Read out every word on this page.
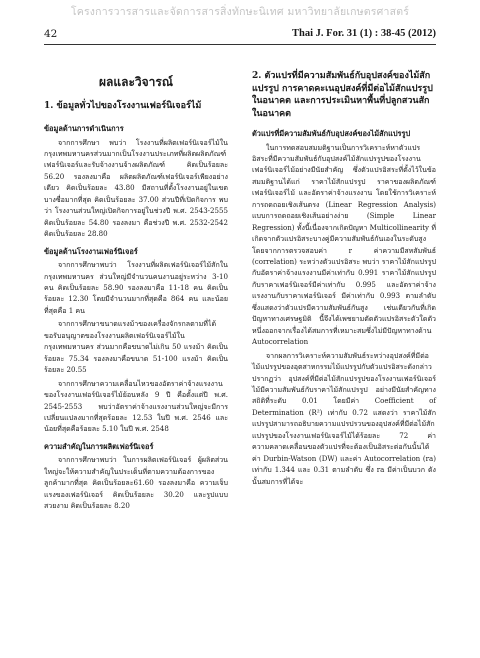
โครงการวารสารและจัดการสารสิ่งทักษะนิเทศ มหาวิทยาลัยเกษตรศาสตร์
42	Thai J. For. 31 (1) : 38-45 (2012)
ผลและวิจารณ์
1. ข้อมูลทั่วไปของโรงงานเฟอร์นิเจอร์ไม้
ข้อมูลด้านการดำเนินการ

จากการศึกษา พบว่า โรงงานที่ผลิตเฟอร์นิเจอร์ไม้ในกรุงเทพมหานครส่วนมากเป็นโรงงานประเภทที่ผลิตผลิตภัณฑ์เฟอร์นิเจอร์และรับจ้างงานจ้างผลิตภัณฑ์ คิดเป็นร้อยละ 56.20 รองลงมาคือ ผลิตผลิตภัณฑ์เฟอร์นิเจอร์เพียงอย่างเดียว คิดเป็นร้อยละ 43.80 มีสถานที่ตั้งโรงงานอยู่ในเขตบางซื่อมากที่สุด คิดเป็นร้อยละ 37.00 ส่วนปีที่เปิดกิจการ พบว่า โรงงานส่วนใหญ่เปิดกิจการอยู่ในช่วงปี พ.ศ. 2543-2555 คิดเป็นร้อยละ 54.80 รองลงมา คือช่วงปี พ.ศ. 2532-2542 คิดเป็นร้อยละ 28.80

ข้อมูลด้านโรงงานเฟอร์นิเจอร์

จากการศึกษาพบว่า โรงงานที่ผลิตเฟอร์นิเจอร์ไม้สักในกรุงเทพมหานคร ส่วนใหญ่มีจำนวนคนงานอยู่ระหว่าง 3-10 คน คิดเป็นร้อยละ 58.90 รองลงมาคือ 11-18 คน คิดเป็นร้อยละ 12.30 โดยมีจำนวนมากที่สุดคือ 864 คน และน้อยที่สุดคือ 1 คน

จากการศึกษาขนาดแรงม้าของเครื่องจักรกลตามที่ได้ขอรับอนุญาตของโรงงานผลิตเฟอร์นิเจอร์ไม้ในกรุงเทพมหานคร ส่วนมากคือขนาดไม่เกิน 50 แรงม้า คิดเป็นร้อยละ 75.34 รองลงมาคือขนาด 51-100 แรงม้า คิดเป็นร้อยละ 20.55

จากการศึกษาความเคลื่อนไหวของอัตราค่าจ้างแรงงานของโรงงานเฟอร์นิเจอร์ไม้ย้อนหลัง 9 ปี คือตั้งแต่ปี พ.ศ. 2545-2553 พบว่าอัตราค่าจ้างแรงงานส่วนใหญ่จะมีการเปลี่ยนแปลงมากที่สุดร้อยละ 12.53 ในปี พ.ศ. 2546 และน้อยที่สุดคือร้อยละ 5.10 ในปี พ.ศ. 2548

ความสำคัญในการผลิตเฟอร์นิเจอร์

จากการศึกษาพบว่า ในการผลิตเฟอร์นิเจอร์ ผู้ผลิตส่วนใหญ่จะให้ความสำคัญในประเด็นที่ตามความต้องการของลูกค้ามากที่สุด คิดเป็นร้อยละ61.60 รองลงมาคือ ความเจ็บแรงของเฟอร์นิเจอร์ คิดเป็นร้อยละ 30.20 และรูปแบบสวยงาม คิดเป็นร้อยละ 8.20

2. ตัวแปรที่มีความสัมพันธ์กับอุปสงค์ของไม้สักแปรรูป การคาดคะเนอุปสงค์ที่มีต่อไม้สักแปรรูปในอนาคต และการประเมินหาพื้นที่ปลูกสวนสักในอนาคต
ตัวแปรที่มีความสัมพันธ์กับอุปสงค์ของไม้สักแปรรูป

ในการทดสอบสมมติฐานเป็นการวิเคราะห์หาตัวแปรอิสระที่มีความสัมพันธ์กับอุปสงค์ไม้สักแปรรูปของโรงงานเฟอร์นิเจอร์ไม้อย่างมีนัยสำคัญ ซึ่งตัวแปรอิสระที่ตั้งไว้ในข้อสมมติฐานได้แก่ ราคาไม้สักแปรรูป ราคาของผลิตภัณฑ์เฟอร์นิเจอร์ไม้ และอัตราค่าจ้างแรงงาน โดยใช้การวิเคราะห์การถดถอยเชิงเส้นตรง (Linear Regression Analysis) แบบการถดถอยเชิงเส้นอย่างง่าย (Simple Linear Regression) ทั้งนี้เนื่องจากเกิดปัญหา Multicollinearity ที่เกิดจากตัวแปรอิสระบางคู่มีความสัมพันธ์กันเองในระดับสูง โดยจากการตรวจสอบค่า r ค่าความมีสหสัมพันธ์ (correlation) ระหว่างตัวแปรอิสระ พบว่า ราคาไม้สักแปรรูปกับอัตราค่าจ้างแรงงานมีค่าเท่ากับ 0.991 ราคาไม้สักแปรรูปกับราคาเฟอร์นิเจอร์มีค่าเท่ากับ 0.995 และอัตราค่าจ้างแรงงานกับราคาเฟอร์นิเจอร์ มีค่าเท่ากับ 0.993 ตามลำดับ ซึ่งแสดงว่าตัวแปรมีความสัมพันธ์กันสูง เช่นเดียวกันที่เกิดปัญหาทางเศรษฐมิติ นี้จึงได้เพชยามตัดตัวแปรอิสระตัวใดตัวหนึ่งออกจากเรื่องได้สมการที่เหมาะสมซึ่งไม่มีปัญหาทางด้าน Autocorrelation

จากผลการวิเคราะห์ความสัมพันธ์ระหว่างอุปสงค์ที่มีต่อไม้แปรรูปของอุตสาหกรรมไม้แปรรูปกับตัวแปรอิสระดังกล่าวปรากฏว่า อุปสงค์ที่มีต่อไม้สักแปรรูปของโรงงานเฟอร์นิเจอร์ไม้มีความสัมพันธ์กับราคาไม้สักแปรรูป อย่างมีนัยสำคัญทางสถิติที่ระดับ 0.01 โดยมีค่า Coefficient of Determination (R²) เท่ากับ 0.72 แสดงว่า ราคาไม้สักแปรรูปสามารถอธิบายความแปรปรวนของอุปสงค์ที่มีต่อไม้สักแปรรูปของโรงงานเฟอร์นิเจอร์ไม้ได้ร้อยละ 72 ค่าความคลาดเคลื่อนของตัวแปรที่จะต้องเป็นอิสระต่อกันนั้นได้ค่า Durbin-Watson (DW) และค่า Autocorrelation (ra) เท่ากับ 1.344 และ 0.31 ตามลำดับ ซึ่ง ra มีค่าเป็นบวก ดังนั้นสมการที่ได้จะ
